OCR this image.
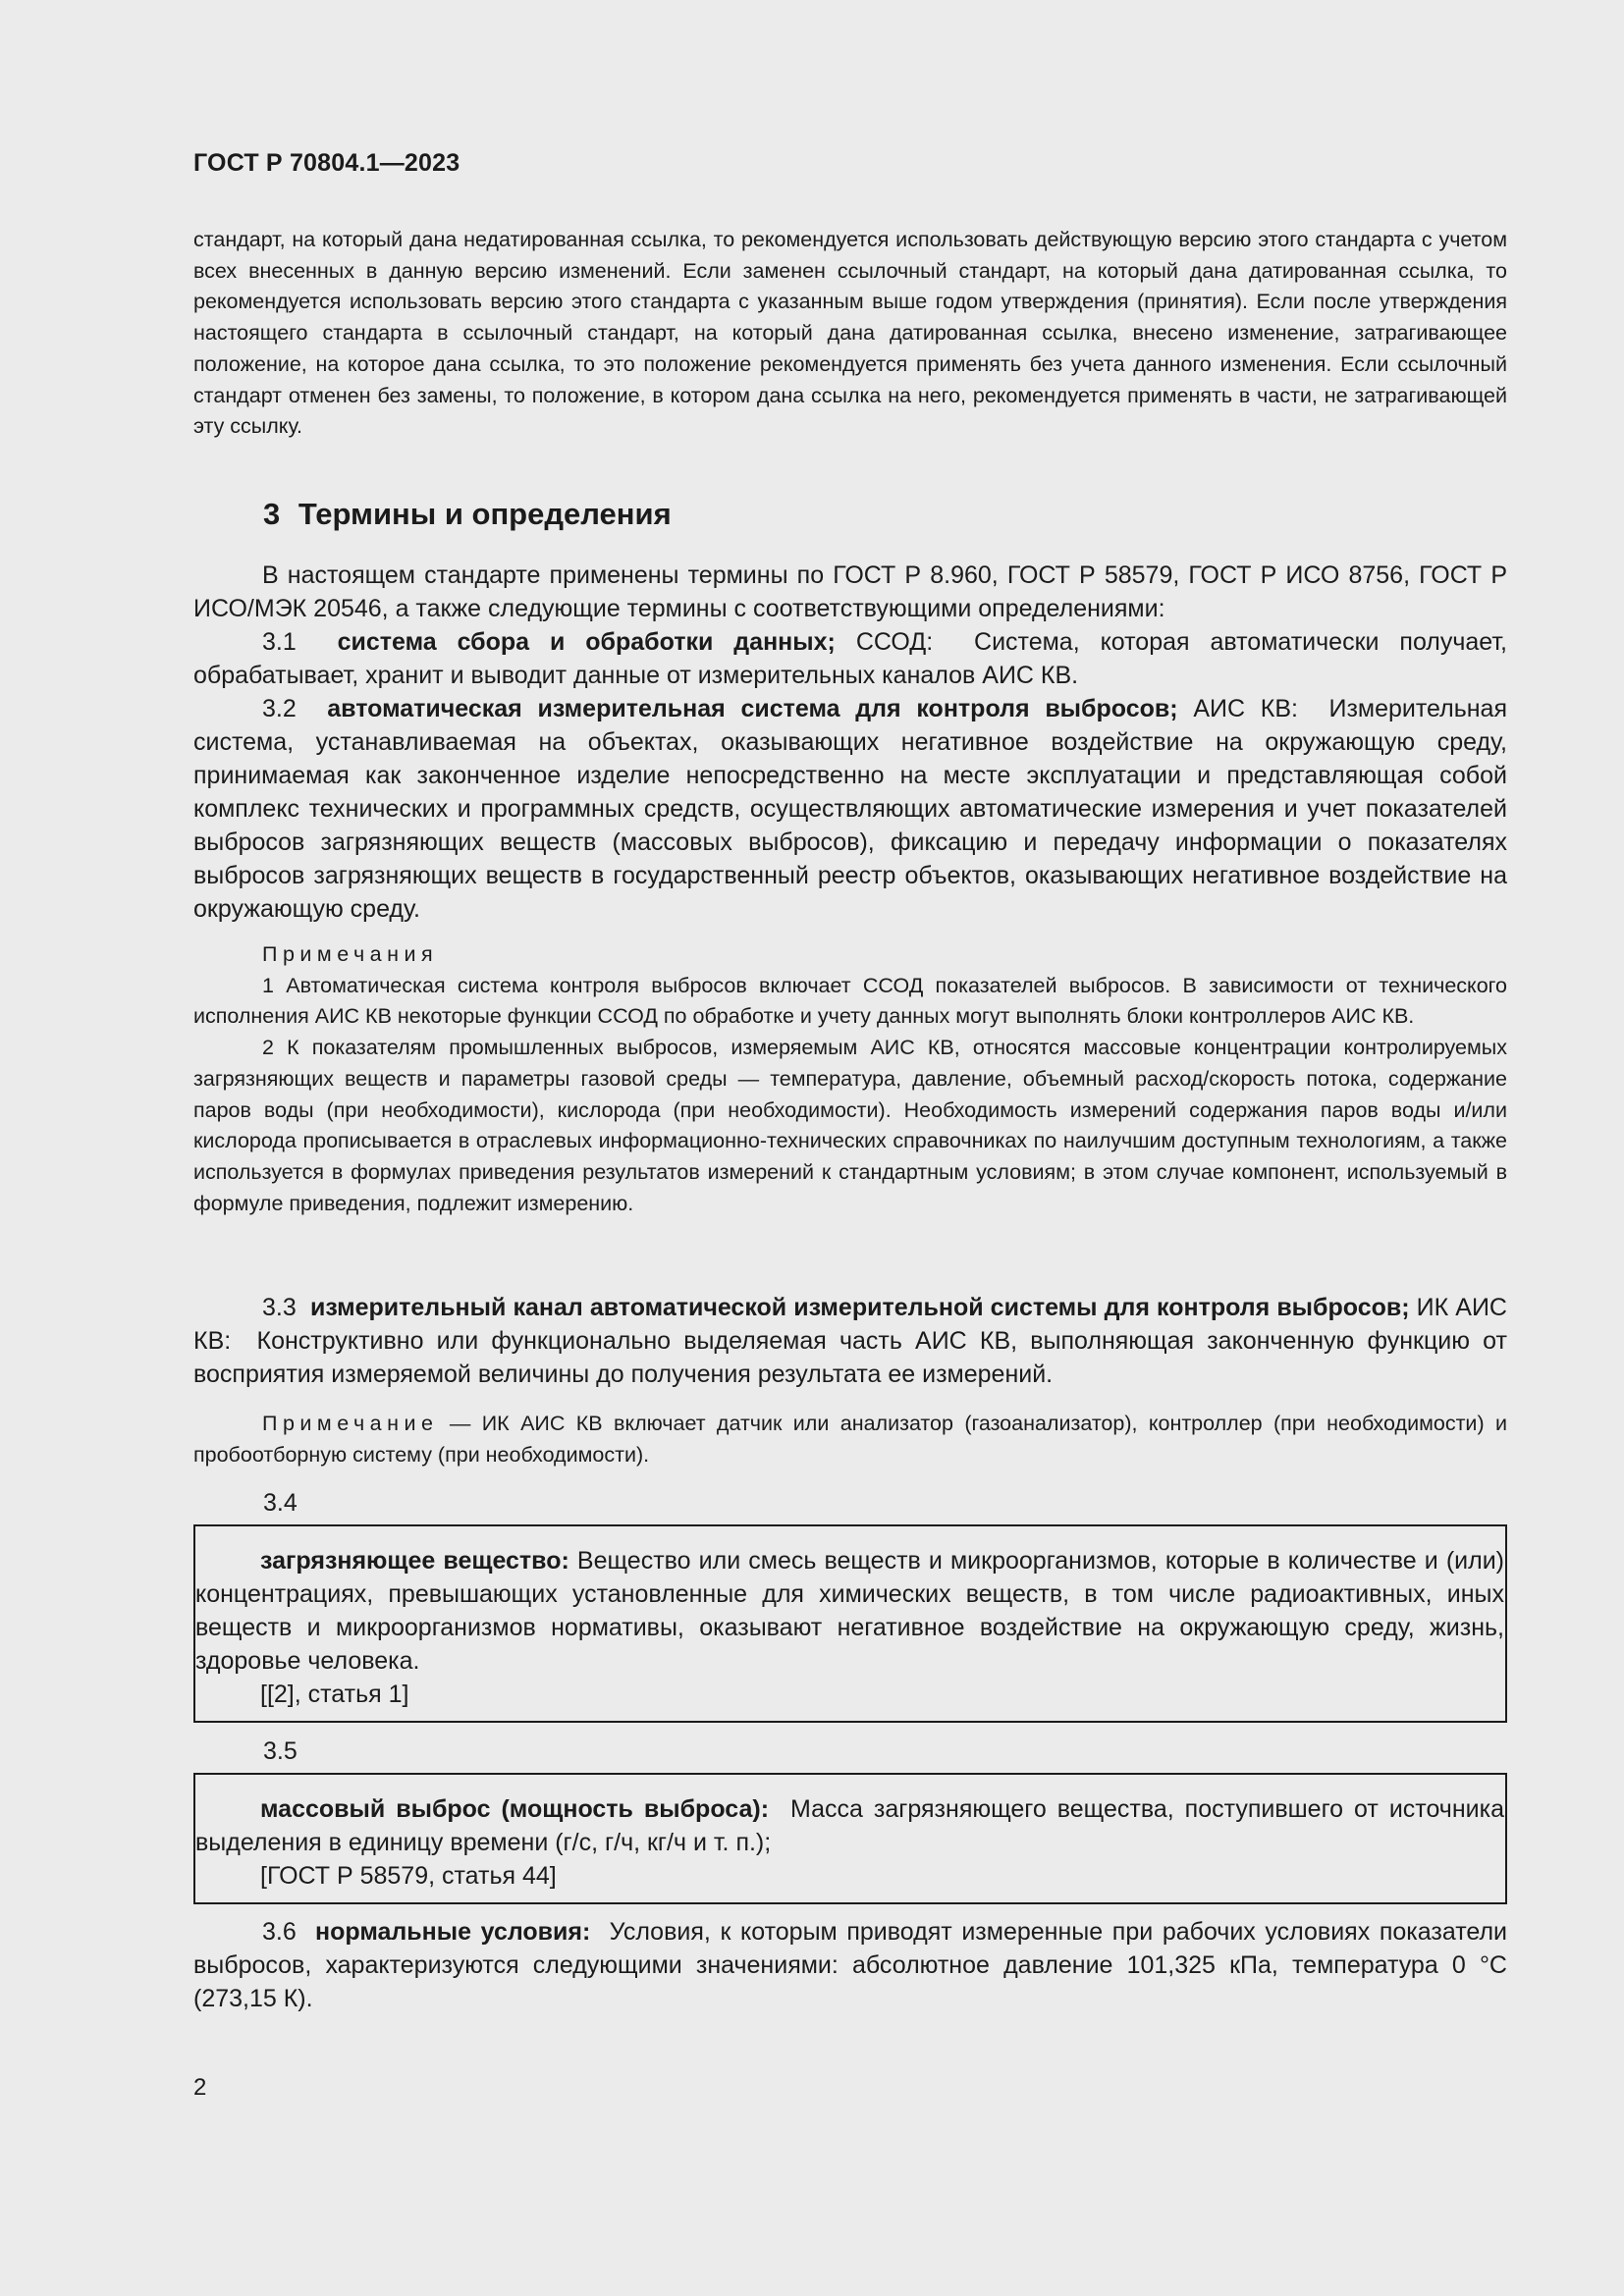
ГОСТ Р 70804.1—2023

стандарт, на который дана недатированная ссылка, то рекомендуется использовать действующую версию этого стандарта с учетом всех внесенных в данную версию изменений. Если заменен ссылочный стандарт, на который дана датированная ссылка, то рекомендуется использовать версию этого стандарта с указанным выше годом утверждения (принятия). Если после утверждения настоящего стандарта в ссылочный стандарт, на который дана датированная ссылка, внесено изменение, затрагивающее положение, на которое дана ссылка, то это положение рекомендуется применять без учета данного изменения. Если ссылочный стандарт отменен без замены, то положение, в котором дана ссылка на него, рекомендуется применять в части, не затрагивающей эту ссылку.

3 Термины и определения

В настоящем стандарте применены термины по ГОСТ Р 8.960, ГОСТ Р 58579, ГОСТ Р ИСО 8756, ГОСТ Р ИСО/МЭК 20546, а также следующие термины с соответствующими определениями:

3.1 система сбора и обработки данных; ССОД: Система, которая автоматически получает, обрабатывает, хранит и выводит данные от измерительных каналов АИС КВ.

3.2 автоматическая измерительная система для контроля выбросов; АИС КВ: Измерительная система, устанавливаемая на объектах, оказывающих негативное воздействие на окружающую среду, принимаемая как законченное изделие непосредственно на месте эксплуатации и представляющая собой комплекс технических и программных средств, осуществляющих автоматические измерения и учет показателей выбросов загрязняющих веществ (массовых выбросов), фиксацию и передачу информации о показателях выбросов загрязняющих веществ в государственный реестр объектов, оказывающих негативное воздействие на окружающую среду.

Примечания

1 Автоматическая система контроля выбросов включает ССОД показателей выбросов. В зависимости от технического исполнения АИС КВ некоторые функции ССОД по обработке и учету данных могут выполнять блоки контроллеров АИС КВ.

2 К показателям промышленных выбросов, измеряемым АИС КВ, относятся массовые концентрации контролируемых загрязняющих веществ и параметры газовой среды — температура, давление, объемный расход/скорость потока, содержание паров воды (при необходимости), кислорода (при необходимости). Необходимость измерений содержания паров воды и/или кислорода прописывается в отраслевых информационно-технических справочниках по наилучшим доступным технологиям, а также используется в формулах приведения результатов измерений к стандартным условиям; в этом случае компонент, используемый в формуле приведения, подлежит измерению.

3.3 измерительный канал автоматической измерительной системы для контроля выбросов; ИК АИС КВ: Конструктивно или функционально выделяемая часть АИС КВ, выполняющая законченную функцию от восприятия измеряемой величины до получения результата ее измерений.

Примечание — ИК АИС КВ включает датчик или анализатор (газоанализатор), контроллер (при необходимости) и пробоотборную систему (при необходимости).

3.4

загрязняющее вещество: Вещество или смесь веществ и микроорганизмов, которые в количестве и (или) концентрациях, превышающих установленные для химических веществ, в том числе радиоактивных, иных веществ и микроорганизмов нормативы, оказывают негативное воздействие на окружающую среду, жизнь, здоровье человека.

[[2], статья 1]

3.5

массовый выброс (мощность выброса): Масса загрязняющего вещества, поступившего от источника выделения в единицу времени (г/с, г/ч, кг/ч и т. п.);

[ГОСТ Р 58579, статья 44]

3.6 нормальные условия: Условия, к которым приводят измеренные при рабочих условиях показатели выбросов, характеризуются следующими значениями: абсолютное давление 101,325 кПа, температура 0 °С (273,15 К).

2
